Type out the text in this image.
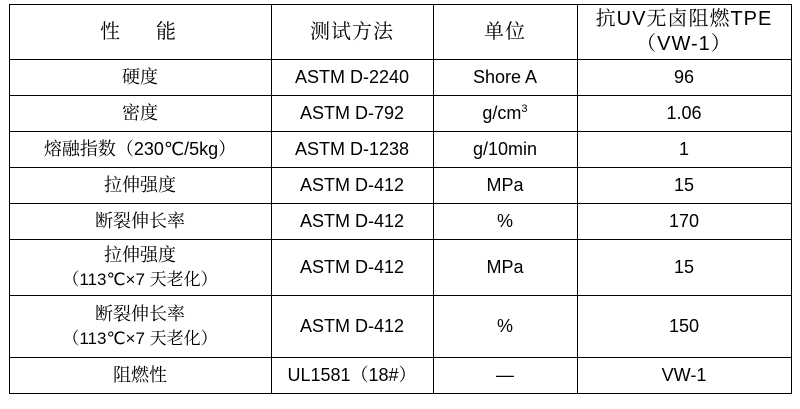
性　能	测试方法	单位	抗UV无卤阻燃TPE（VW-1）
硬度	ASTM D-2240	Shore A	96
密度	ASTM D-792	$g/cm^3$	1.06
熔融指数（230℃/5kg）	ASTM D-1238	g/10min	1
拉伸强度	ASTM D-412	MPa	15
断裂伸长率	ASTM D-412	%	170

拉伸强度
（113℃×7 天老化）	ASTM D-412	MPa	15

断裂伸长率
（113℃×7 天老化）	ASTM D-412	%	150
阻燃性	UL1581（18#）	—	VW-1
